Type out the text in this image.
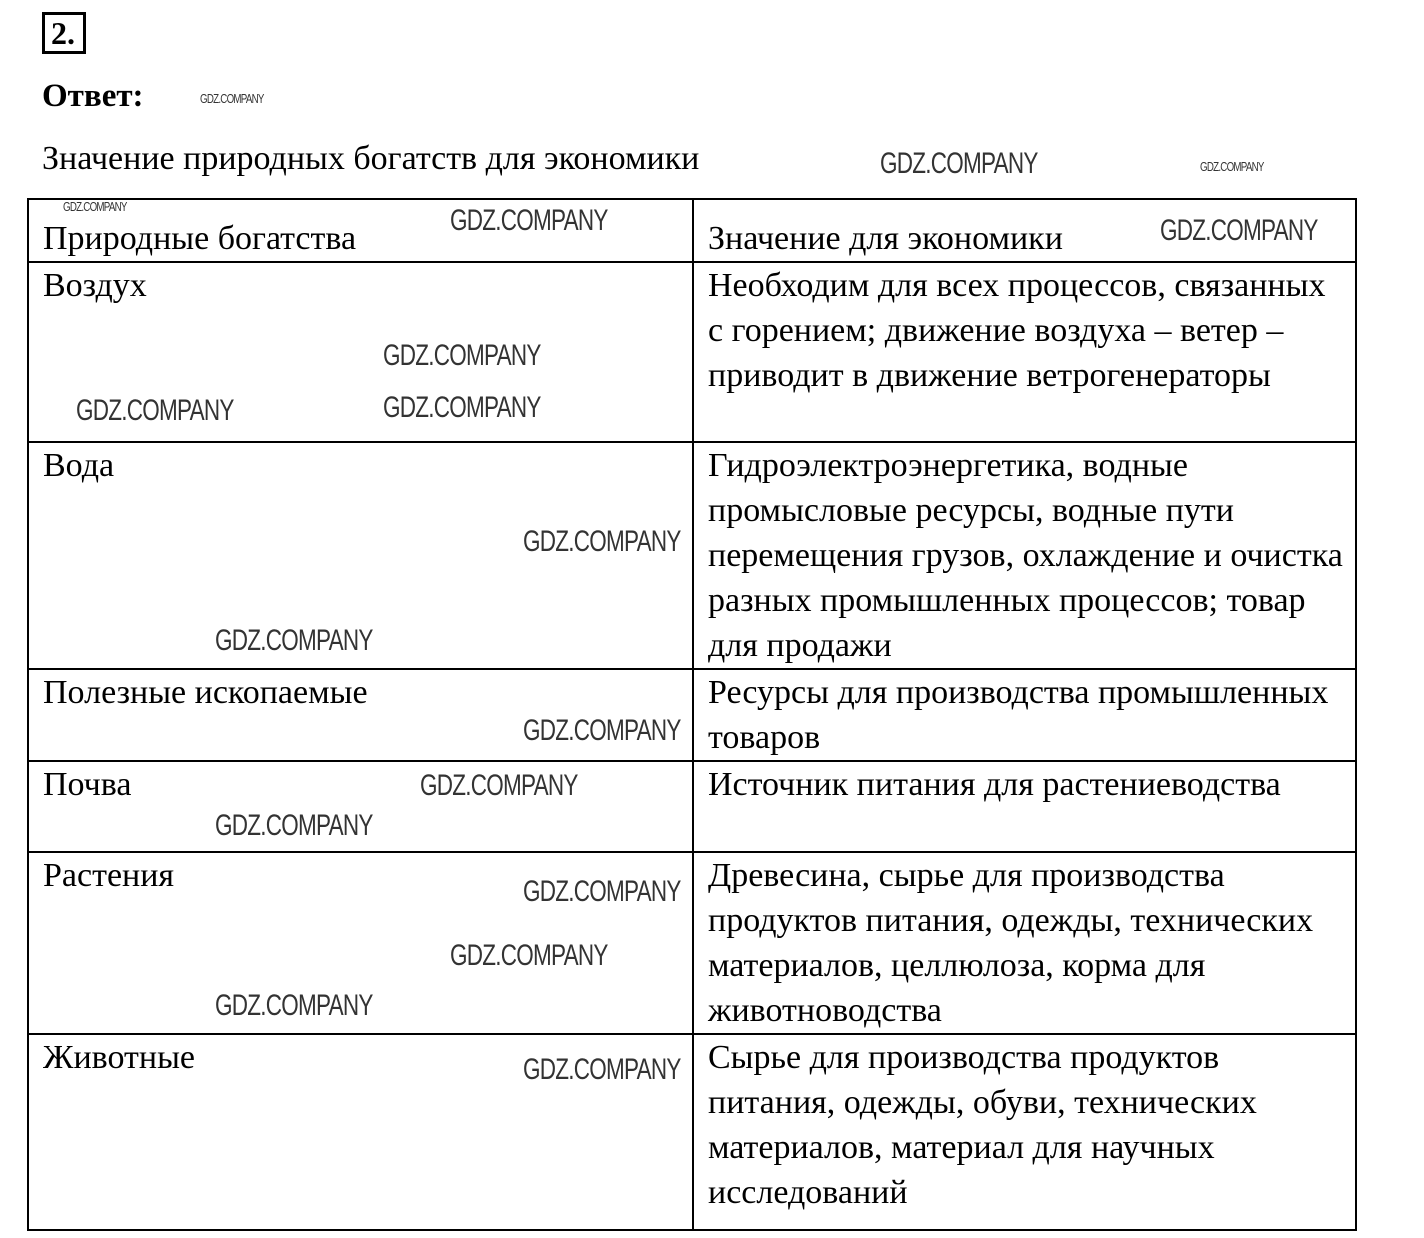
2.
Ответ:
Значение природных богатств для экономики
Природные богатства	Значение для экономики
Воздух	Необходим для всех процессов, связанных с горением; движение воздуха – ветер – приводит в движение ветрогенераторы
Вода	Гидроэлектроэнергетика, водные промысловые ресурсы, водные пути перемещения грузов, охлаждение и очистка разных промышленных процессов; товар для продажи
Полезные ископаемые	Ресурсы для производства промышленных товаров
Почва	Источник питания для растениеводства
Растения	Древесина, сырье для производства продуктов питания, одежды, технических материалов, целлюлоза, корма для животноводства
Животные	Сырье для производства продуктов питания, одежды, обуви, технических материалов, материал для научных исследований
GDZ.COMPANY
GDZ.COMPANY
GDZ.COMPANY	GDZ.COMPANY
GDZ.COMPANY
GDZ.COMPANY
GDZ.COMPANY
GDZ.COMPANY
GDZ.COMPANY
GDZ.COMPANY
GDZ.COMPANY
GDZ.COMPANY
GDZ.COMPANY
GDZ.COMPANY
GDZ.COMPANY
GDZ.COMPANY
GDZ.COMPANY
GDZ.COMPANY
